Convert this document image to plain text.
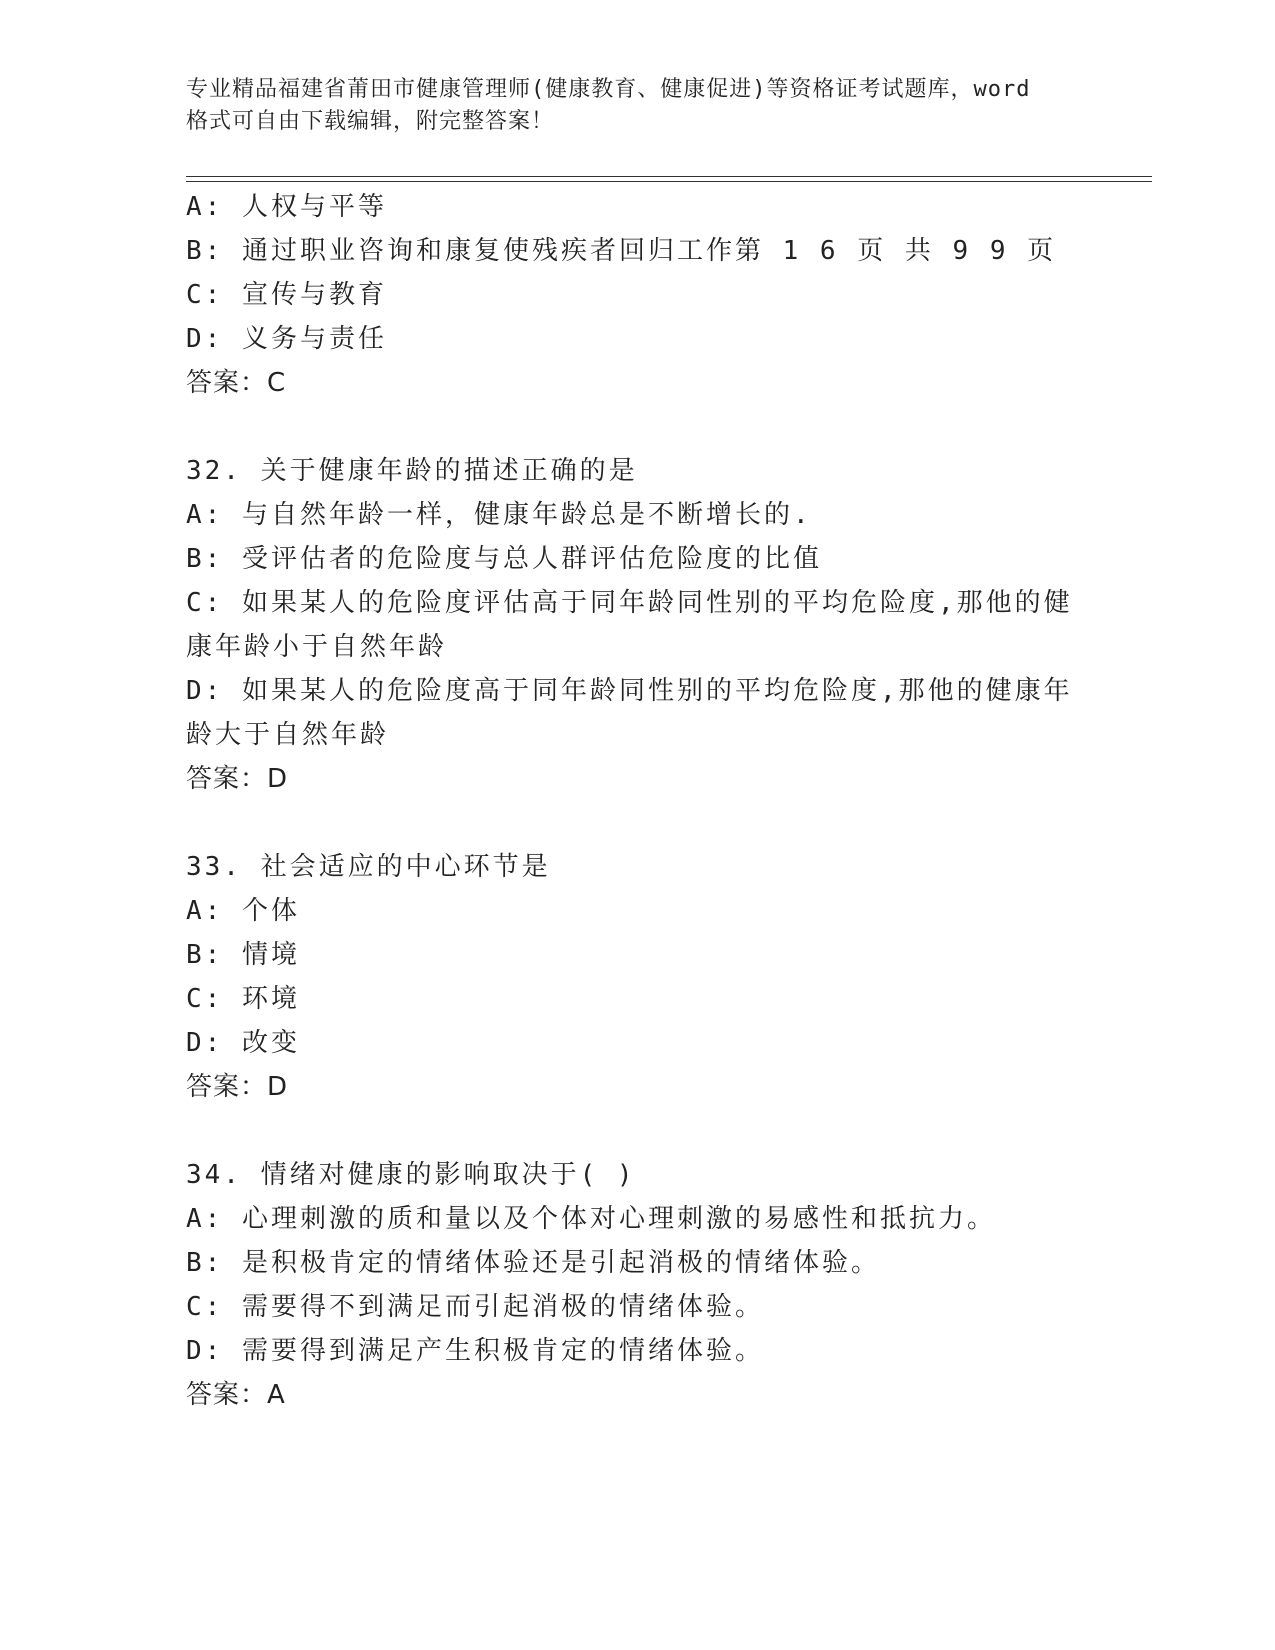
专业精品福建省莆田市健康管理师(健康教育、健康促进)等资格证考试题库，word
格式可自由下载编辑，附完整答案！
A: 人权与平等
B: 通过职业咨询和康复使残疾者回归工作第 1 6 页 共 9 9 页
C: 宣传与教育
D: 义务与责任
答案：C
32. 关于健康年龄的描述正确的是
A: 与自然年龄一样，健康年龄总是不断增长的.
B: 受评估者的危险度与总人群评估危险度的比值
C: 如果某人的危险度评估高于同年龄同性别的平均危险度,那他的健
康年龄小于自然年龄
D: 如果某人的危险度高于同年龄同性别的平均危险度,那他的健康年
龄大于自然年龄
答案：D
33. 社会适应的中心环节是
A: 个体
B: 情境
C: 环境
D: 改变
答案：D
34. 情绪对健康的影响取决于( )
A: 心理刺激的质和量以及个体对心理刺激的易感性和抵抗力。
B: 是积极肯定的情绪体验还是引起消极的情绪体验。
C: 需要得不到满足而引起消极的情绪体验。
D: 需要得到满足产生积极肯定的情绪体验。
答案：A
